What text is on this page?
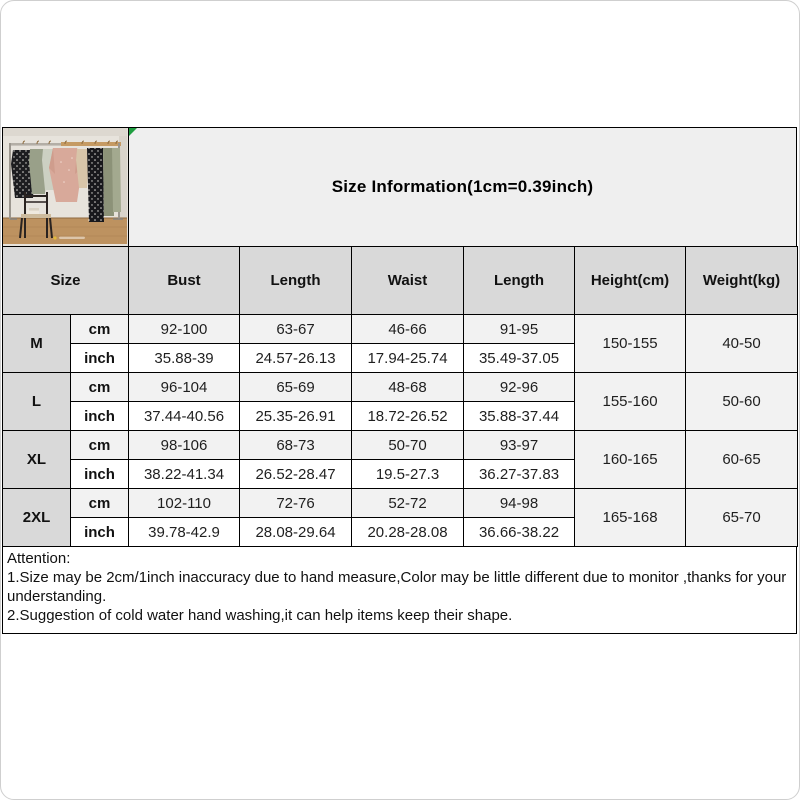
Size Information(1cm=0.39inch)
Size		Bust	Length	Waist	Length	Height(cm)	Weight(kg)
M	cm	92-100	63-67	46-66	91-95	150-155	40-50
	inch	35.88-39	24.57-26.13	17.94-25.74	35.49-37.05		
L	cm	96-104	65-69	48-68	92-96	155-160	50-60
	inch	37.44-40.56	25.35-26.91	18.72-26.52	35.88-37.44		
XL	cm	98-106	68-73	50-70	93-97	160-165	60-65
	inch	38.22-41.34	26.52-28.47	19.5-27.3	36.27-37.83		
2XL	cm	102-110	72-76	52-72	94-98	165-168	65-70
	inch	39.78-42.9	28.08-29.64	20.28-28.08	36.66-38.22		
Attention:
1.Size may be 2cm/1inch inaccuracy due to hand measure,Color may be little different due to monitor ,thanks for your
understanding.
2.Suggestion of cold water hand washing,it can help items keep their shape.
